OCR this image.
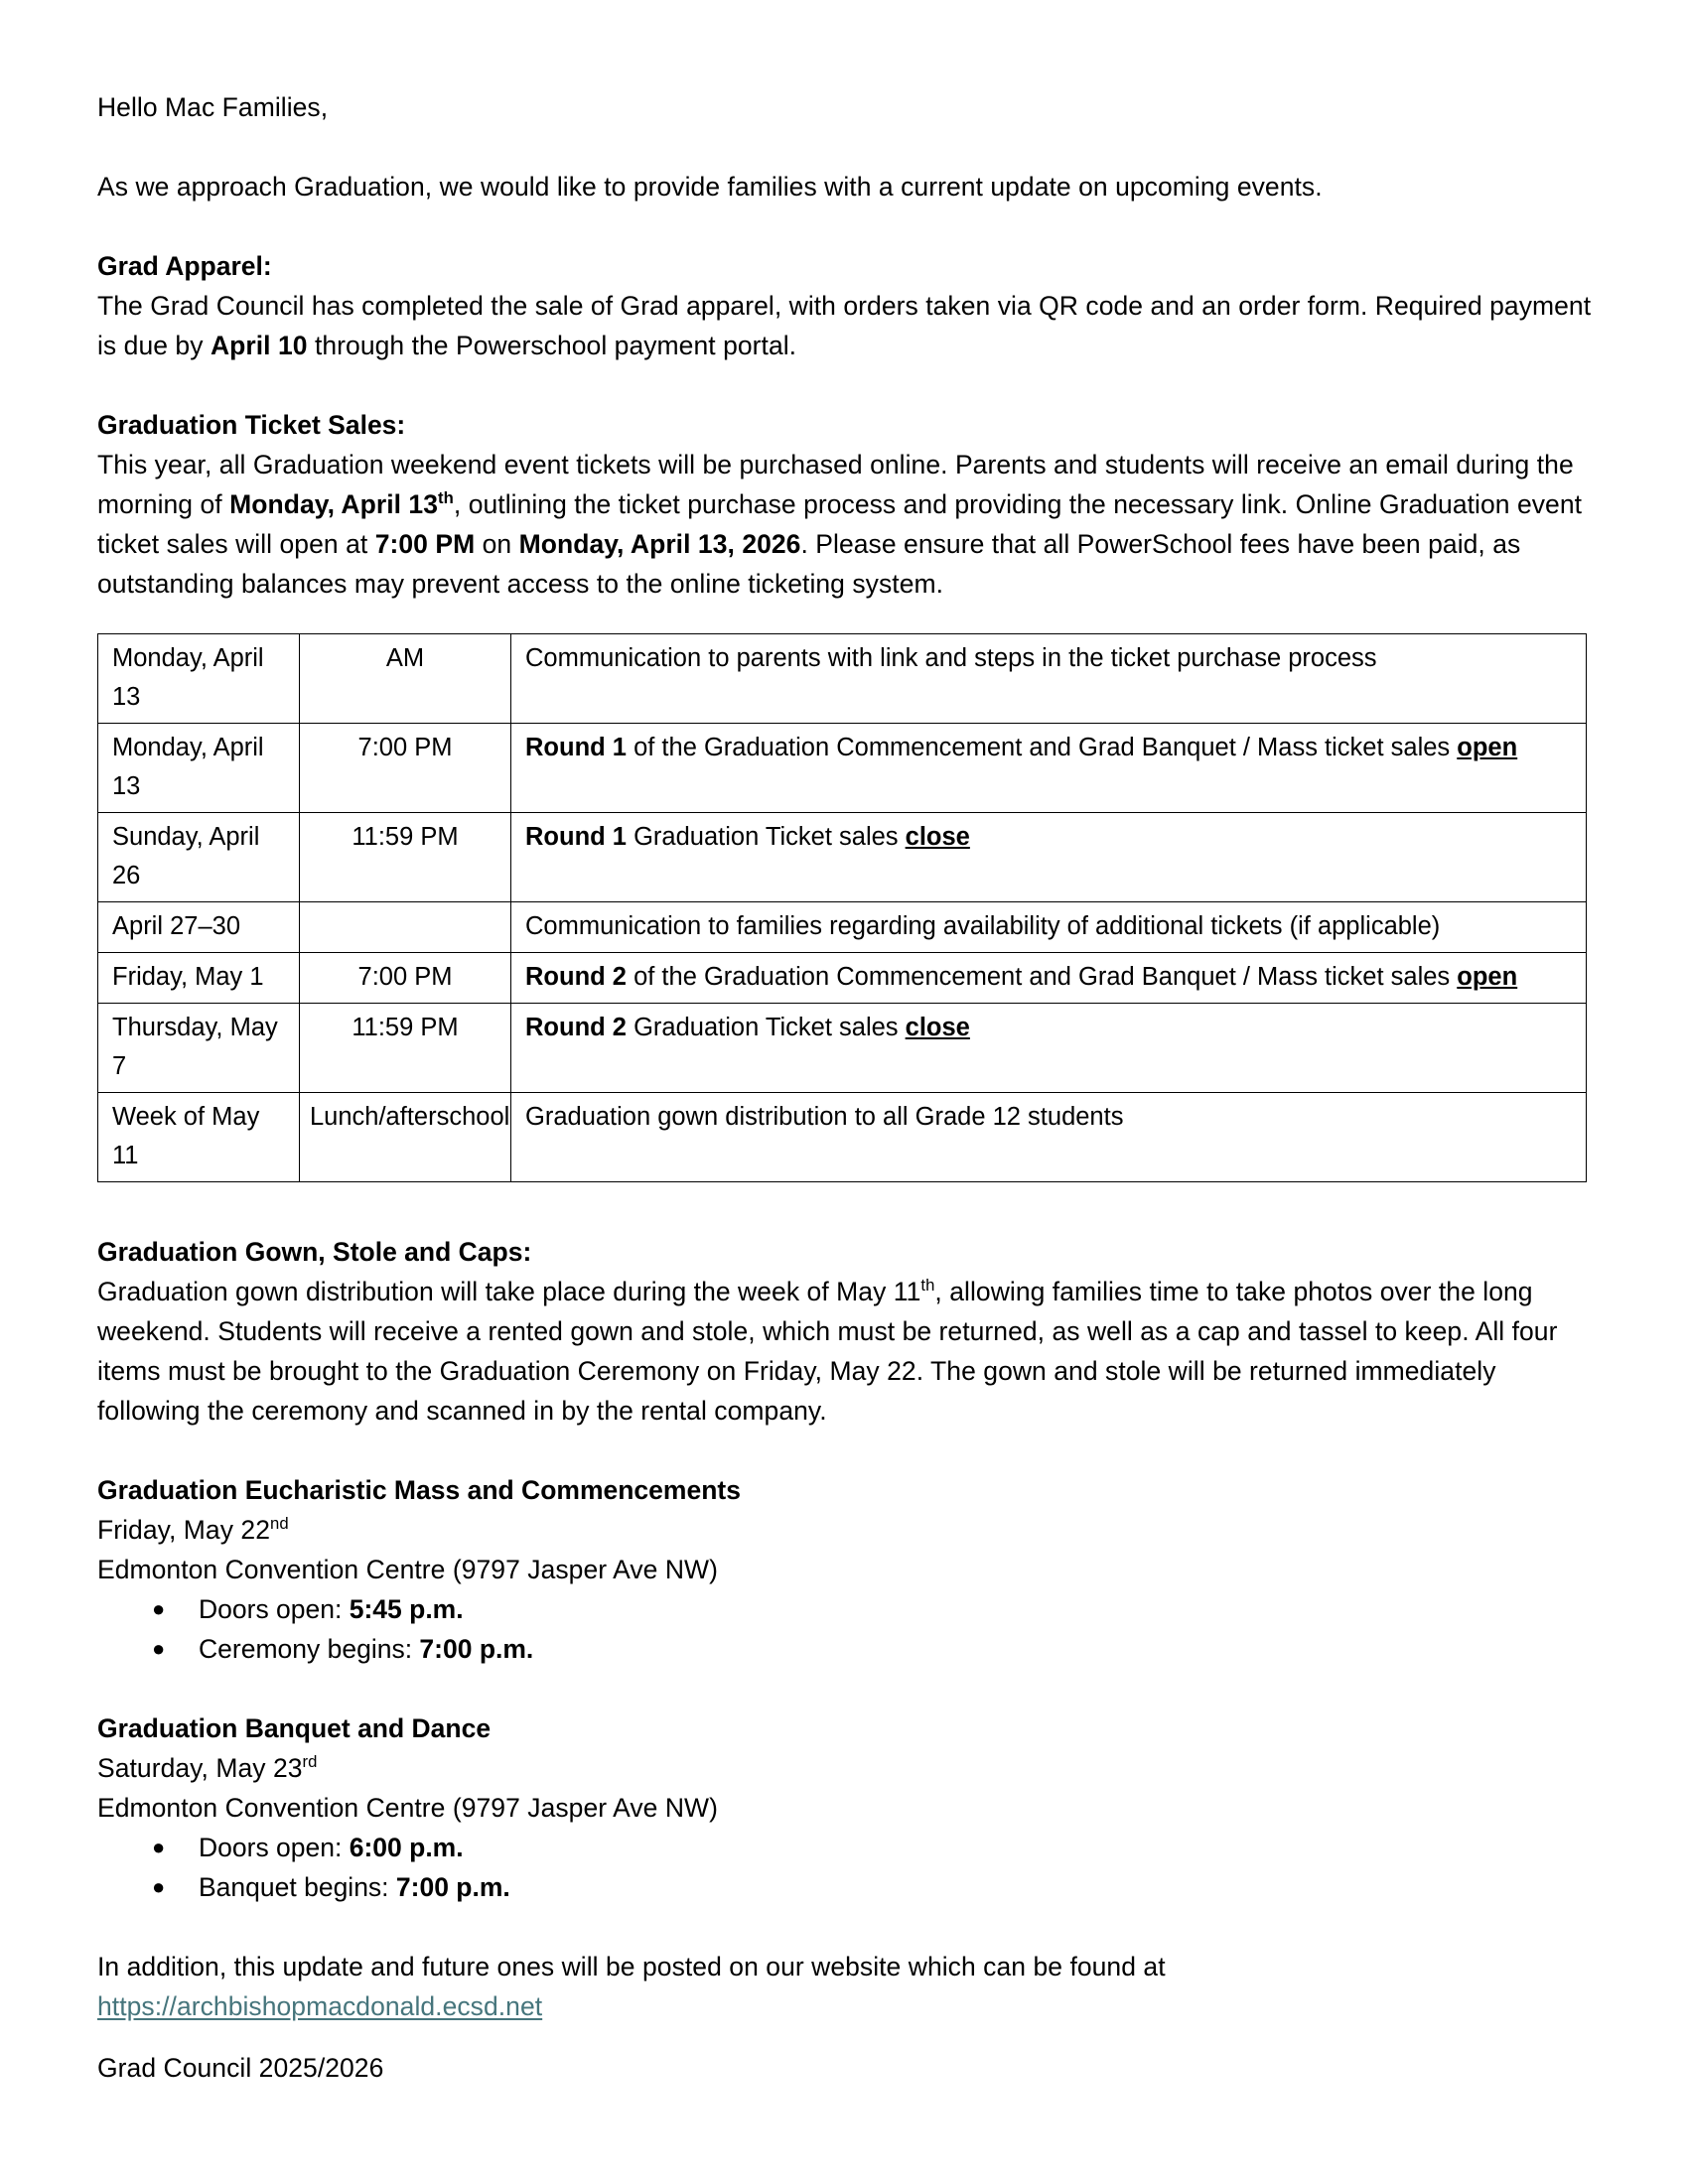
Hello Mac Families,

As we approach Graduation, we would like to provide families with a current update on upcoming events.

Grad Apparel:

The Grad Council has completed the sale of Grad apparel, with orders taken via QR code and an order form. Required payment is due by April 10 through the Powerschool payment portal.

Graduation Ticket Sales:

This year, all Graduation weekend event tickets will be purchased online. Parents and students will receive an email during the morning of Monday, April 13th, outlining the ticket purchase process and providing the necessary link. Online Graduation event ticket sales will open at 7:00 PM on Monday, April 13, 2026. Please ensure that all PowerSchool fees have been paid, as outstanding balances may prevent access to the online ticketing system.

Monday, April 13	AM	Communication to parents with link and steps in the ticket purchase process
Monday, April 13	7:00 PM	Round 1 of the Graduation Commencement and Grad Banquet / Mass ticket sales open
Sunday, April 26	11:59 PM	Round 1 Graduation Ticket sales close
April 27–30		Communication to families regarding availability of additional tickets (if applicable)
Friday, May 1	7:00 PM	Round 2 of the Graduation Commencement and Grad Banquet / Mass ticket sales open
Thursday, May 7	11:59 PM	Round 2 Graduation Ticket sales close
Week of May 11	Lunch/afterschool	Graduation gown distribution to all Grade 12 students

Graduation Gown, Stole and Caps:

Graduation gown distribution will take place during the week of May 11th, allowing families time to take photos over the long weekend. Students will receive a rented gown and stole, which must be returned, as well as a cap and tassel to keep. All four items must be brought to the Graduation Ceremony on Friday, May 22. The gown and stole will be returned immediately following the ceremony and scanned in by the rental company.

Graduation Eucharistic Mass and Commencements

Friday, May 22nd

Edmonton Convention Centre (9797 Jasper Ave NW)

● Doors open: 5:45 p.m.
● Ceremony begins: 7:00 p.m.

Graduation Banquet and Dance

Saturday, May 23rd

Edmonton Convention Centre (9797 Jasper Ave NW)

● Doors open: 6:00 p.m.
● Banquet begins: 7:00 p.m.

In addition, this update and future ones will be posted on our website which can be found at

https://archbishopmacdonald.ecsd.net

Grad Council 2025/2026
